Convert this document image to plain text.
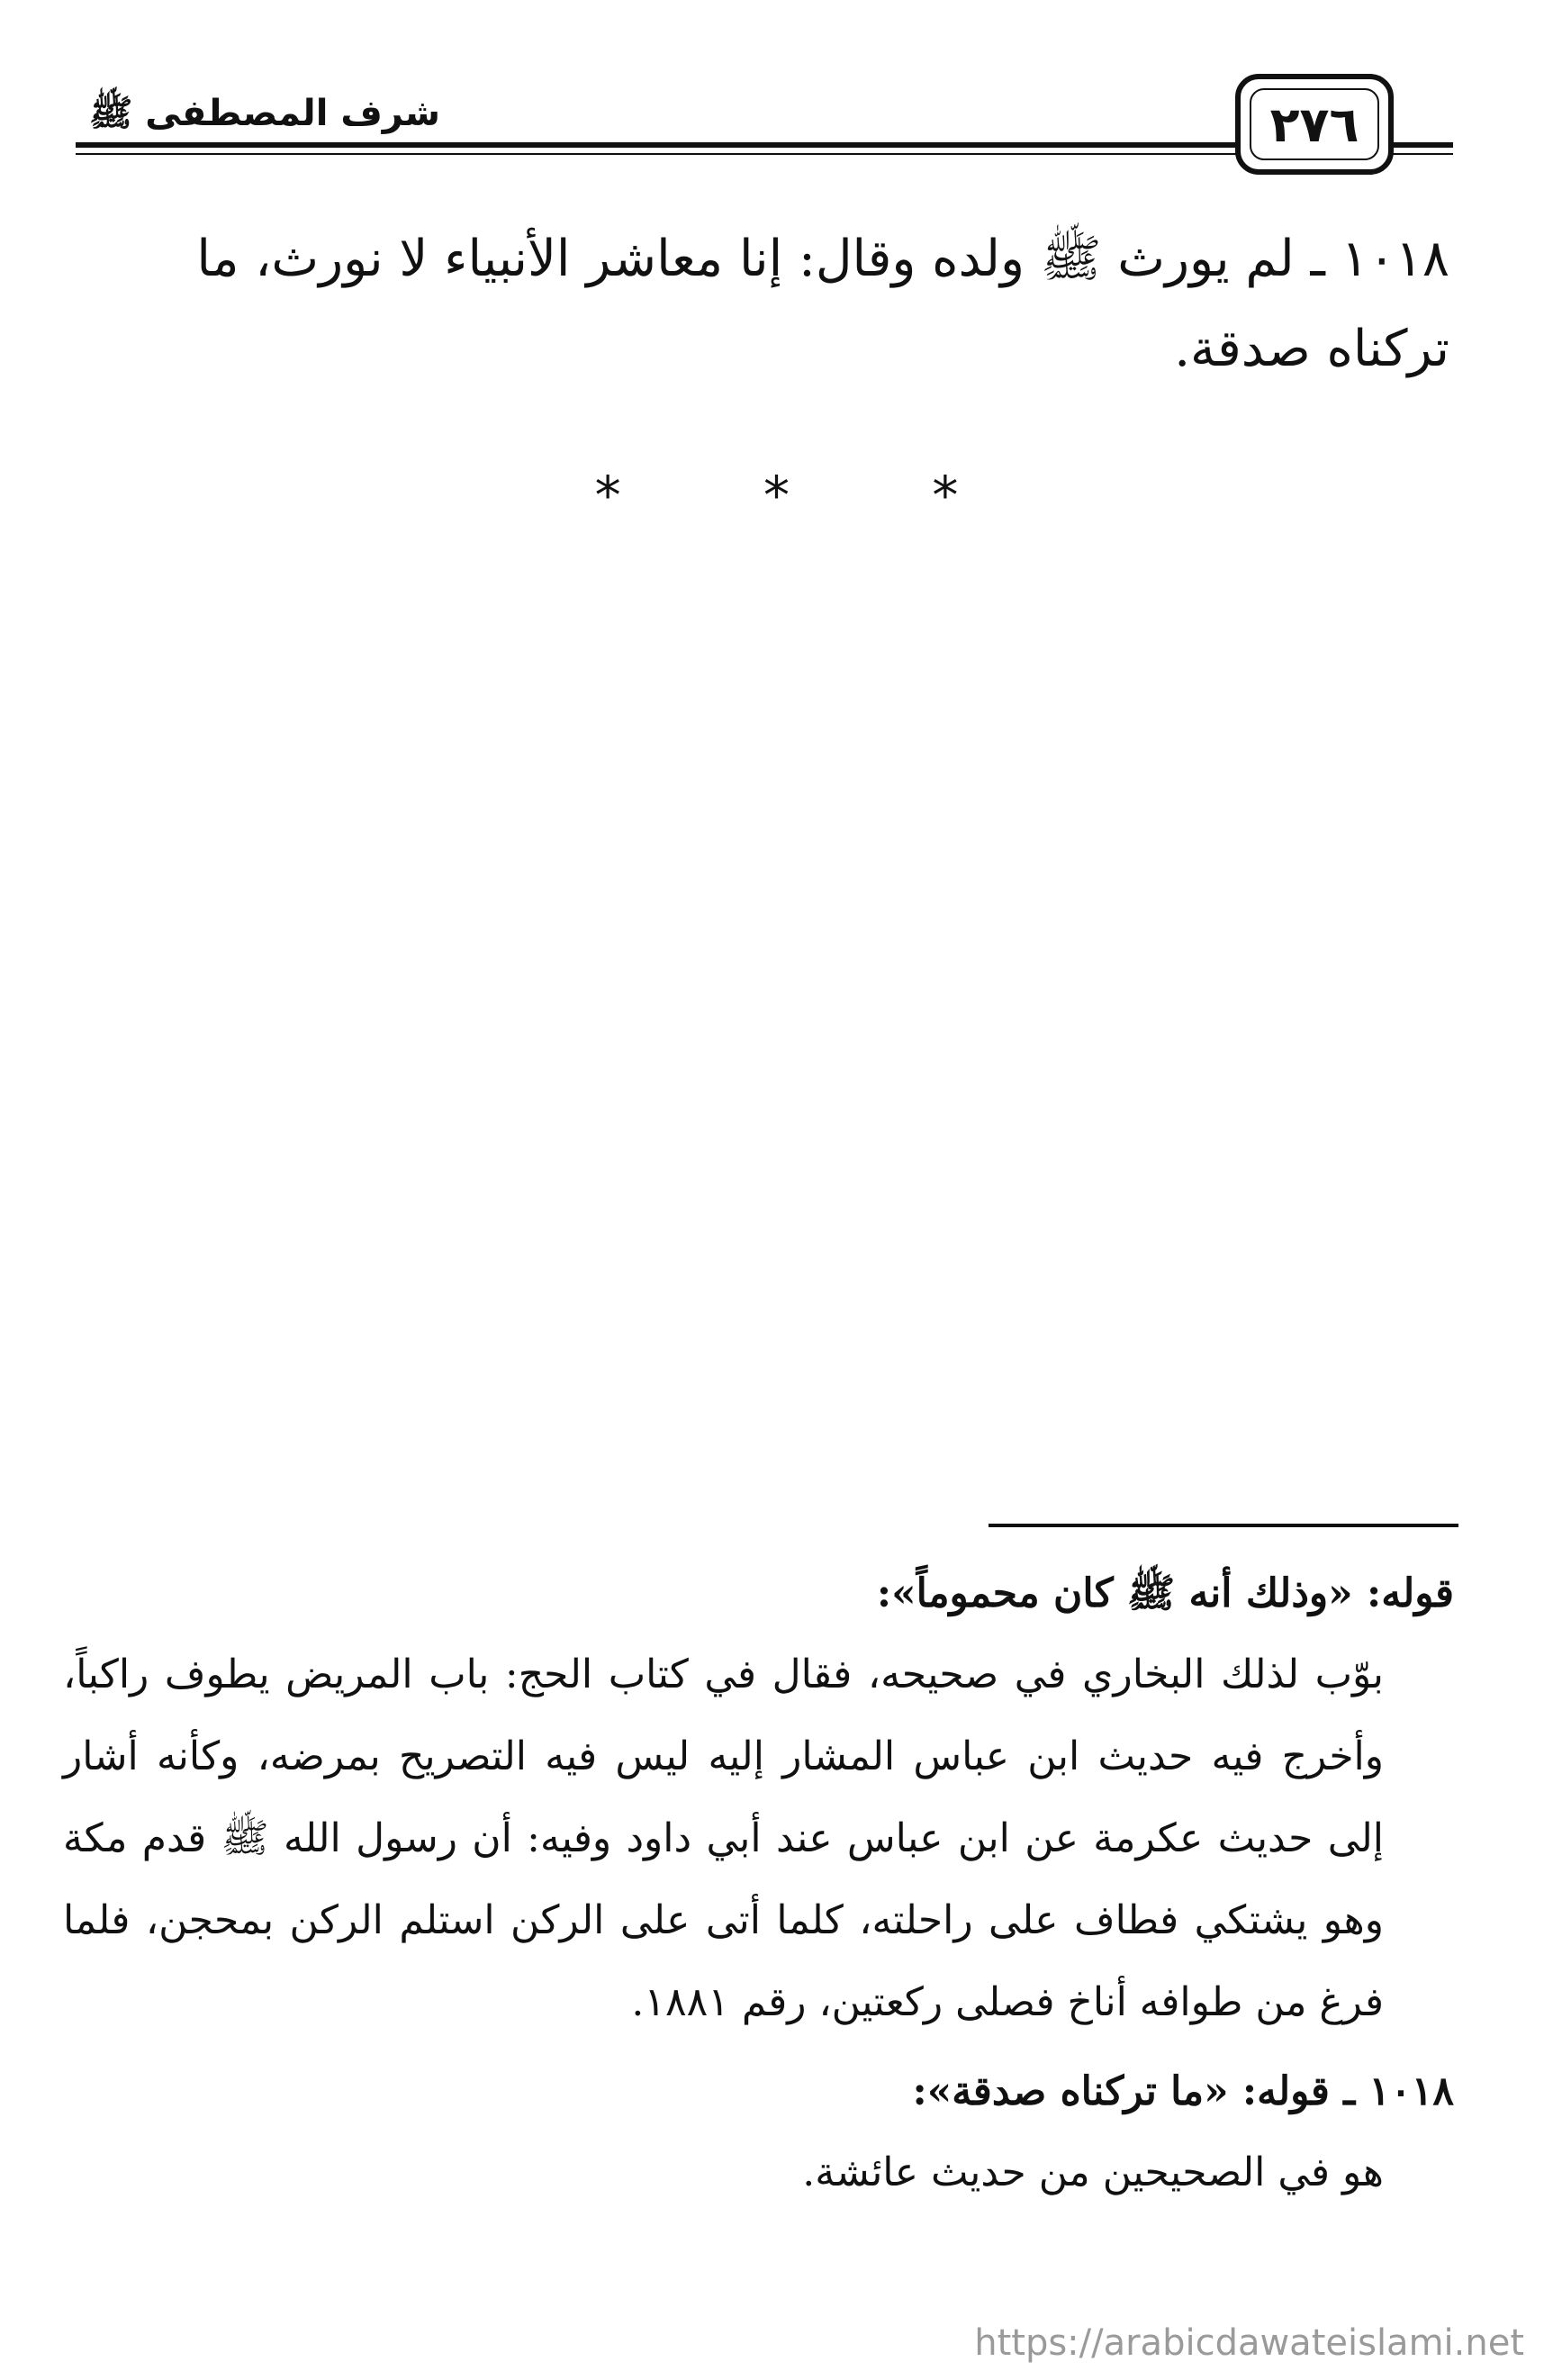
شرف المصطفى ﷺ	٢٧٦
١٠١٨ ـ لم يورث ﷺ ولده وقال: إنا معاشر الأنبياء لا نورث، ما تركناه صدقة.
* * *

قوله: «وذلك أنه ﷺ كان محموماً»:

بوّب لذلك البخاري في صحيحه، فقال في كتاب الحج: باب المريض يطوف راكباً، وأخرج فيه حديث ابن عباس المشار إليه ليس فيه التصريح بمرضه، وكأنه أشار إلى حديث عكرمة عن ابن عباس عند أبي داود وفيه: أن رسول الله ﷺ قدم مكة وهو يشتكي فطاف على راحلته، كلما أتى على الركن استلم الركن بمحجن، فلما فرغ من طوافه أناخ فصلى ركعتين، رقم ١٨٨١.

١٠١٨ ـ قوله: «ما تركناه صدقة»:

هو في الصحيحين من حديث عائشة.

https://arabicdawateislami.net
